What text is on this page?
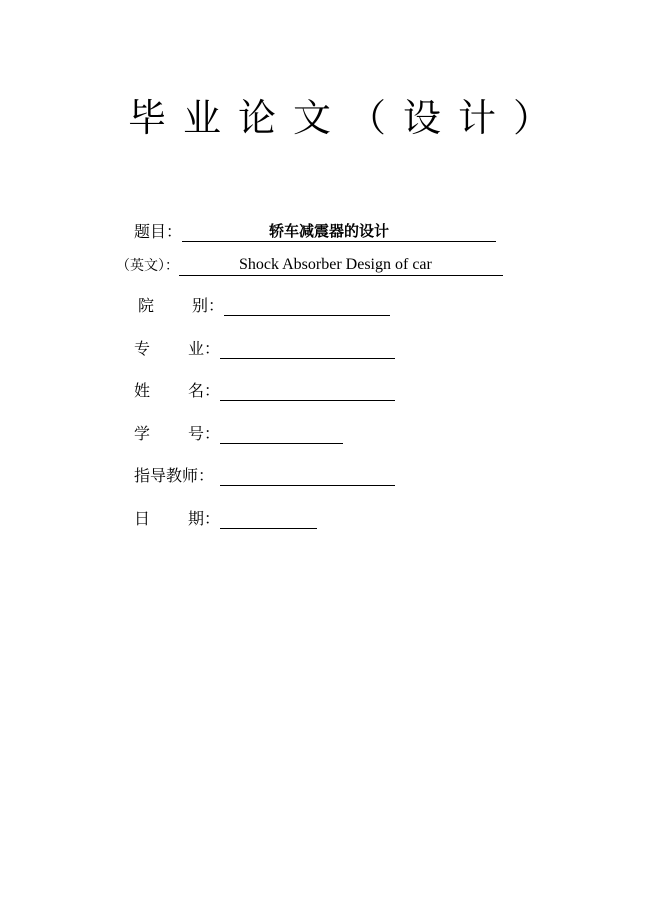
毕业论文（设计）
题目：	轿车减震器的设计
（英文）：	Shock Absorber Design of car
院 别：
专 业：
姓 名：
学 号：
指导教师：
日 期：
